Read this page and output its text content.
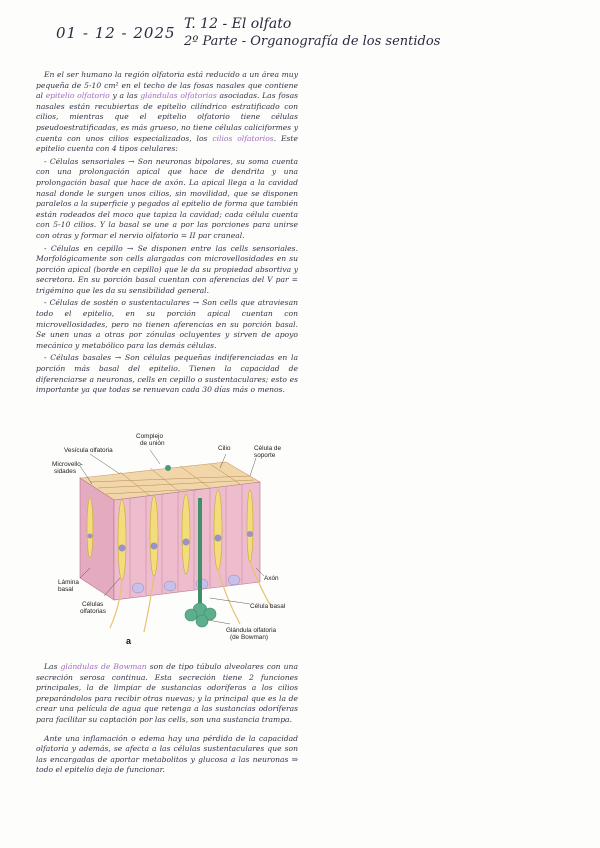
01 - 12 - 2025 T. 12 - El olfato
2º Parte - Organografía de los sentidos

En el ser humano la región olfatoria está reducido a un área muy pequeña de 5-10 cm² en el techo de las fosas nasales que contiene al epitelio olfatorio y a las glándulas olfatorias asociadas. Las fosas nasales están recubiertas de epitelio cilíndrico estratificado con cilios, mientras que el epitelio olfatorio tiene células pseudoestratificadas, es más grueso, no tiene células caliciformes y cuenta con unos cilios especializados, los cilios olfatorios. Este epitelio cuenta con 4 tipos celulares:

- Células sensoriales → Son neuronas bipolares, su soma cuenta con una prolongación apical que hace de dendrita y una prolongación basal que hace de axón. La apical llega a la cavidad nasal donde le surgen unos cilios, sin movilidad, que se disponen paralelos a la superficie y pegados al epitelio de forma que también están rodeados del moco que tapiza la cavidad; cada célula cuenta con 5-10 cilios. Y la basal se une a por las porciones para unirse con otras y formar el nervio olfatorio = II par craneal.

- Células en cepillo → Se disponen entre las cells sensoriales. Morfológicamente son cells alargadas con microvellosidades en su porción apical (borde en cepillo) que le da su propiedad absortiva y secretora. En su porción basal cuentan con aferencias del V par = trigémino que les da su sensibilidad general.

- Células de sostén o sustentaculares → Son cells que atraviesan todo el epitelio, en su porción apical cuentan con microvellosidades, pero no tienen aferencias en su porción basal. Se unen unas a otras por zónulas ocluyentes y sirven de apoyo mecánico y metabólico para las demás células.

- Células basales → Son células pequeñas indiferenciadas en la porción más basal del epitelio. Tienen la capacidad de diferenciarse a neuronas, cells en cepillo o sustentaculares; esto es importante ya que todas se renuevan cada 30 días más o menos.

Vesícula olfatoria
Complejo de unión
Microvello-sidades
Cilio	Célula de soporte
Lámina basal
Axón
Células olfatorias
Célula basal
Glándula olfatoria (de Bowman)
a

Las glándulas de Bowman son de tipo túbulo alveolares con una secreción serosa continua. Esta secreción tiene 2 funciones principales, la de limpiar de sustancias odoríferas a los cilios preparándolos para recibir otras nuevas; y la principal que es la de crear una película de agua que retenga a las sustancias odoríferas para facilitar su captación por las cells, son una sustancia trampa.

Ante una inflamación o edema hay una pérdida de la capacidad olfatoria y además, se afecta a las células sustentaculares que son las encargadas de aportar metabolitos y glucosa a las neuronas ⇒ todo el epitelio deja de funcionar.
